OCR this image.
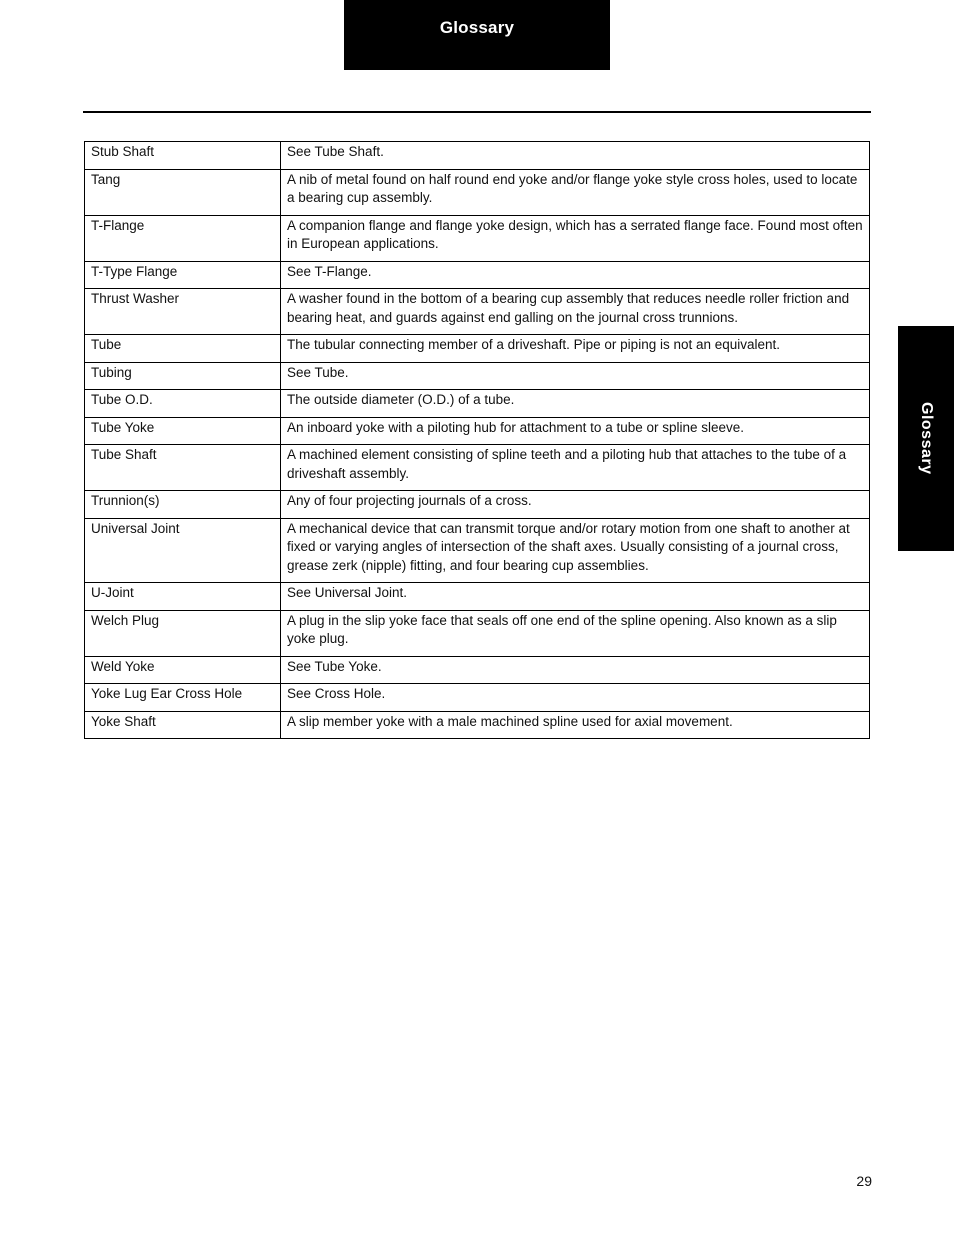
Glossary
Stub Shaft	See Tube Shaft.
Tang	A nib of metal found on half round end yoke and/or flange yoke style cross holes, used to locate a bearing cup assembly.
T-Flange	A companion flange and flange yoke design, which has a serrated flange face. Found most often in European applications.
T-Type Flange	See T-Flange.
Thrust Washer	A washer found in the bottom of a bearing cup assembly that reduces needle roller friction and bearing heat, and guards against end galling on the journal cross trunnions.
Tube	The tubular connecting member of a driveshaft. Pipe or piping is not an equivalent.
Tubing	See Tube.
Tube O.D.	The outside diameter (O.D.) of a tube.
Tube Yoke	An inboard yoke with a piloting hub for attachment to a tube or spline sleeve.
Tube Shaft	A machined element consisting of spline teeth and a piloting hub that attaches to the tube of a driveshaft assembly.
Trunnion(s)	Any of four projecting journals of a cross.
Universal Joint	A mechanical device that can transmit torque and/or rotary motion from one shaft to another at fixed or varying angles of intersection of the shaft axes. Usually consisting of a journal cross, grease zerk (nipple) fitting, and four bearing cup assemblies.
U-Joint	See Universal Joint.
Welch Plug	A plug in the slip yoke face that seals off one end of the spline opening. Also known as a slip yoke plug.
Weld Yoke	See Tube Yoke.
Yoke Lug Ear Cross Hole	See Cross Hole.
Yoke Shaft	A slip member yoke with a male machined spline used for axial movement.
Glossary
29
